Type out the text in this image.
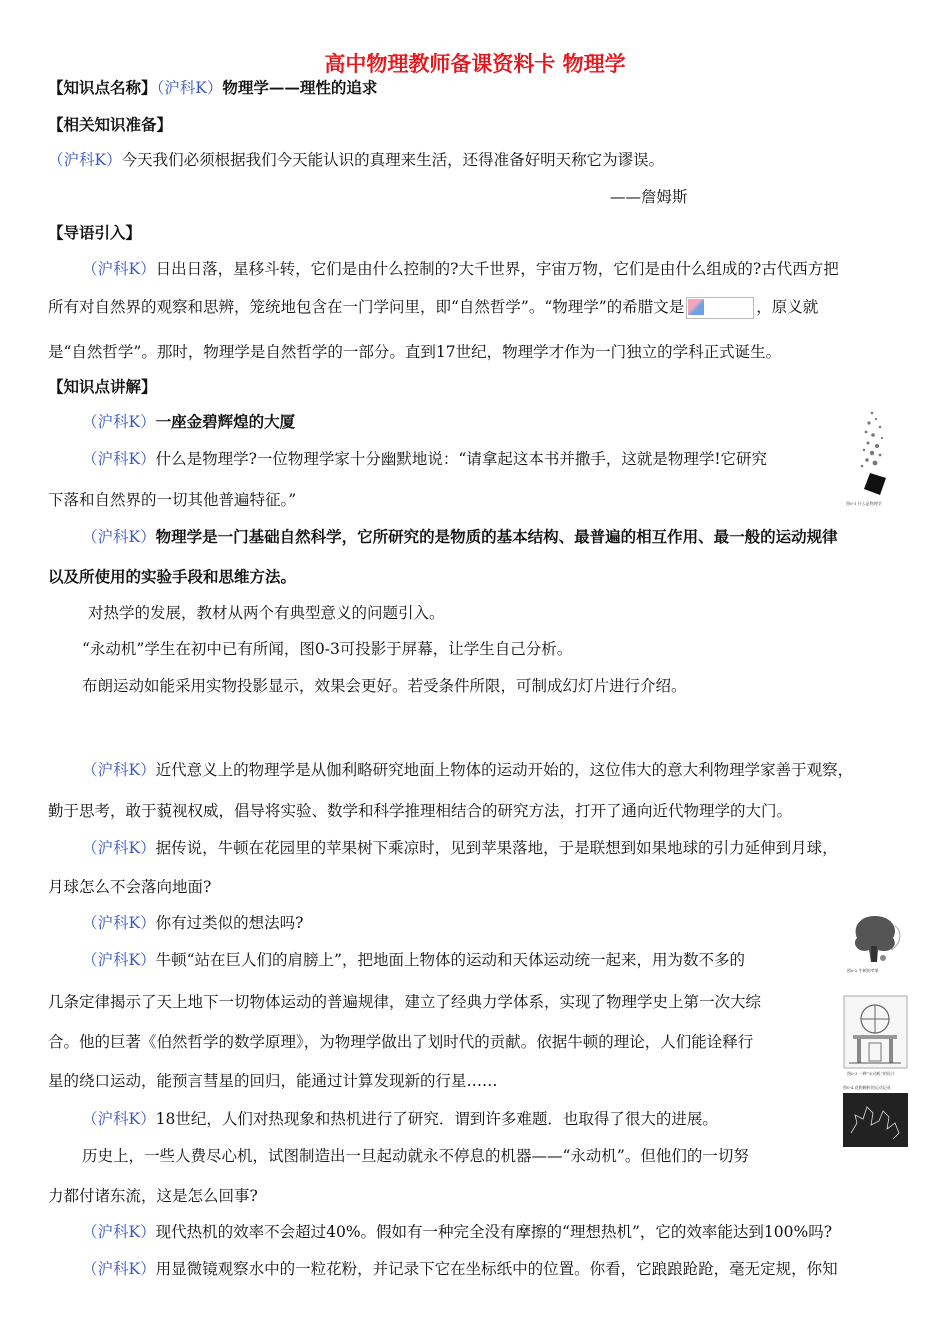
高中物理教师备课资料卡 物理学
【知识点名称】（沪科K）物理学——理性的追求
【相关知识准备】
（沪科K）今天我们必须根据我们今天能认识的真理来生活，还得准备好明天称它为谬误。
——詹姆斯
【导语引入】
（沪科K）日出日落，星移斗转，它们是由什么控制的?大千世界，宇宙万物，它们是由什么组成的?古代西方把
所有对自然界的观察和思辨，笼统地包含在一门学问里，即“自然哲学”。“物理学”的希腊文是	，原义就
是“自然哲学”。那时，物理学是自然哲学的一部分。直到17世纪，物理学才作为一门独立的学科正式诞生。
【知识点讲解】
（沪科K）一座金碧辉煌的大厦
（沪科K）什么是物理学?一位物理学家十分幽默地说：“请拿起这本书并撒手，这就是物理学!它研究
下落和自然界的一切其他普遍特征。”
（沪科K）物理学是一门基础自然科学，它所研究的是物质的基本结构、最普遍的相互作用、最一般的运动规律
以及所使用的实验手段和思维方法。
对热学的发展，教材从两个有典型意义的问题引入。
“永动机”学生在初中已有所闻，图0-3可投影于屏幕，让学生自己分析。
布朗运动如能采用实物投影显示，效果会更好。若受条件所限，可制成幻灯片进行介绍。
（沪科K）近代意义上的物理学是从伽利略研究地面上物体的运动开始的，这位伟大的意大利物理学家善于观察，
勤于思考，敢于藐视权威，倡导将实验、数学和科学推理相结合的研究方法，打开了通向近代物理学的大门。
（沪科K）据传说，牛顿在花园里的苹果树下乘凉时，见到苹果落地，于是联想到如果地球的引力延伸到月球，
月球怎么不会落向地面?
（沪科K）你有过类似的想法吗?
（沪科K）牛顿“站在巨人们的肩膀上”，把地面上物体的运动和天体运动统一起来，用为数不多的
几条定律揭示了天上地下一切物体运动的普遍规律，建立了经典力学体系，实现了物理学史上第一次大综
合。他的巨著《伯然哲学的数学原理》，为物理学做出了划时代的贡献。依据牛顿的理论，人们能诠释行
星的绕口运动，能预言彗星的回归，能通过计算发现新的行星……
（沪科K）18世纪，人们对热现象和热机进行了研究．谓到许多难题．也取得了很大的进展。
历史上，一些人费尽心机，试图制造出一旦起动就永不停息的机器——“永动机”。但他们的一切努
力都付诸东流，这是怎么回事?
（沪科K）现代热机的效率不会超过40%。假如有一种完全没有摩擦的“理想热机”，它的效率能达到100%吗?
（沪科K）用显微镜观察水中的一粒花粉，并记录下它在坐标纸中的位置。你看，它踉踉跄跄，毫无定规，你知
图0-1 什么是物理学
图0-2 牛顿的苹果
图0-3 一种“永动机”的设计
图0-4 花粉颗粒的运动记录
